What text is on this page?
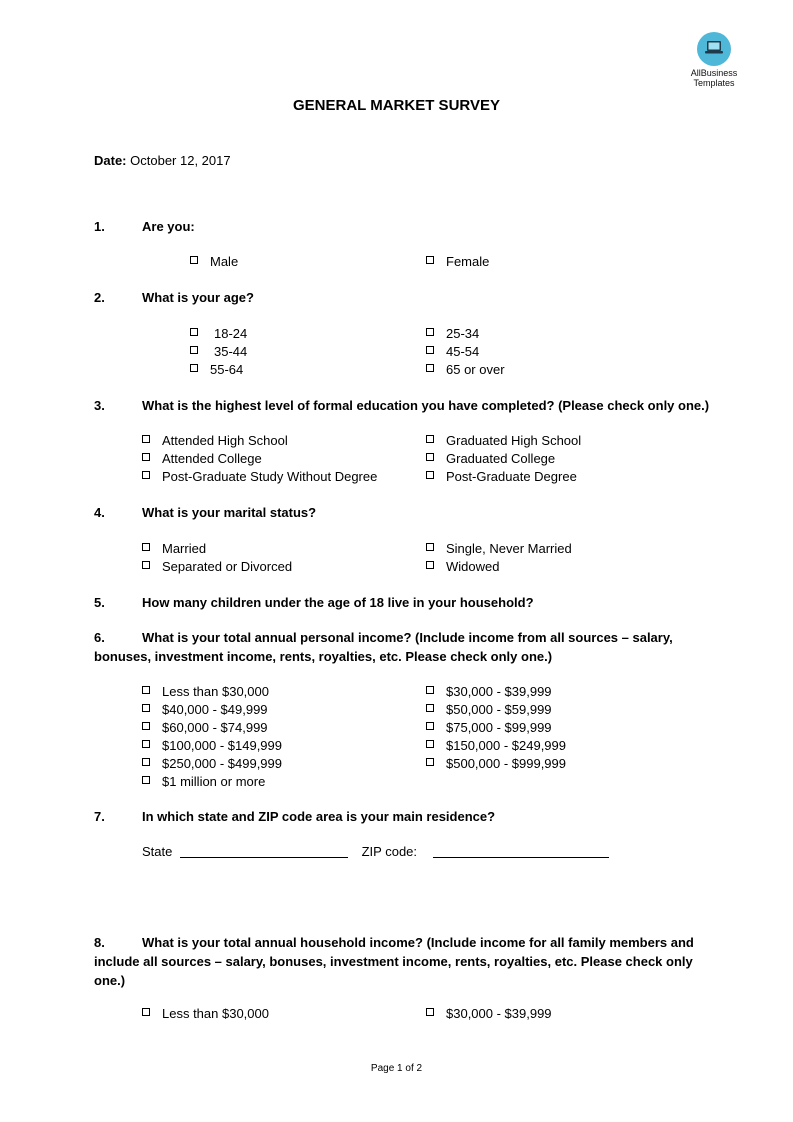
AllBusiness
Templates
GENERAL MARKET SURVEY
Date: October 12, 2017
1.	Are you:
Male	Female
2.	What is your age?
18-24	25-34
35-44	45-54
55-64	65 or over
3.	What is the highest level of formal education you have completed? (Please check only one.)
Attended High School	Graduated High School
Attended College	Graduated College
Post-Graduate Study Without Degree	Post-Graduate Degree
4.	What is your marital status?
Married	Single, Never Married
Separated or Divorced	Widowed
5.	How many children under the age of 18 live in your household?
6.	What is your total annual personal income? (Include income from all sources – salary,
bonuses, investment income, rents, royalties, etc. Please check only one.)
Less than $30,000	$30,000 - $39,999
$40,000 - $49,999	$50,000 - $59,999
$60,000 - $74,999	$75,000 - $99,999
$100,000 - $149,999	$150,000 - $249,999
$250,000 - $499,999	$500,000 - $999,999
$1 million or more
7.	In which state and ZIP code area is your main residence?
State	ZIP code:
8.	What is your total annual household income? (Include income for all family members and
include all sources – salary, bonuses, investment income, rents, royalties, etc. Please check only
one.)
Less than $30,000	$30,000 - $39,999
Page 1 of 2
